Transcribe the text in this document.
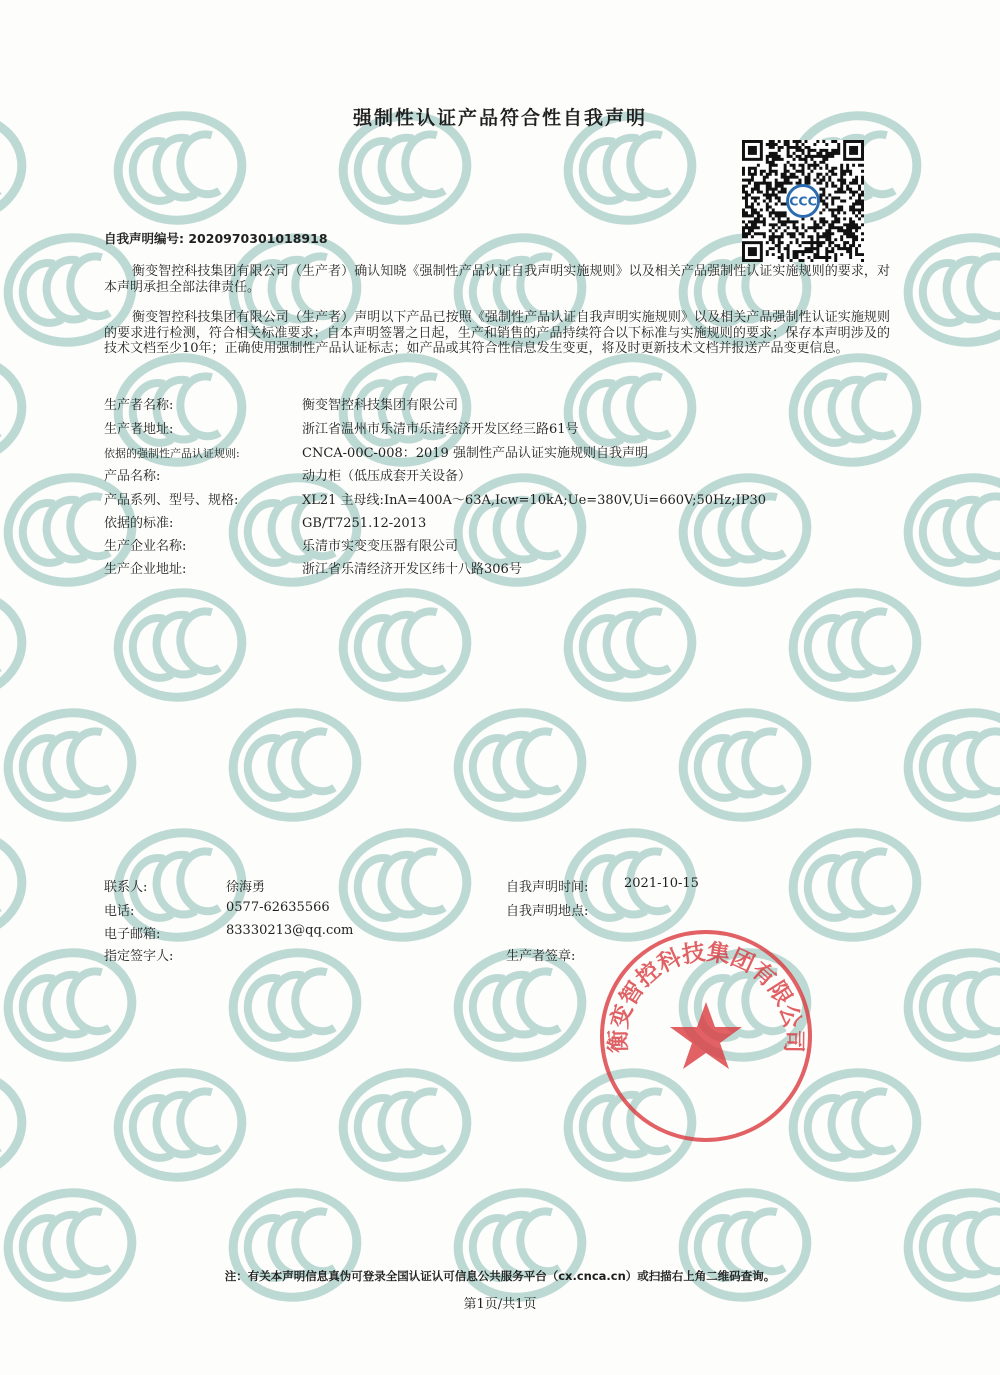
强制性认证产品符合性自我声明
自我声明编号: 2020970301018918
CCC
衡变智控科技集团有限公司（生产者）确认知晓《强制性产品认证自我声明实施规则》以及相关产品强制性认证实施规则的要求，对本声明承担全部法律责任。
衡变智控科技集团有限公司（生产者）声明以下产品已按照《强制性产品认证自我声明实施规则》以及相关产品强制性认证实施规则的要求进行检测，符合相关标准要求；自本声明签署之日起，生产和销售的产品持续符合以下标准与实施规则的要求；保存本声明涉及的技术文档至少10年；正确使用强制性产品认证标志；如产品或其符合性信息发生变更，将及时更新技术文档并报送产品变更信息。
生产者名称:	衡变智控科技集团有限公司
生产者地址:	浙江省温州市乐清市乐清经济开发区经三路61号
依据的强制性产品认证规则:	CNCA-00C-008：2019 强制性产品认证实施规则自我声明
产品名称:	动力柜（低压成套开关设备）
产品系列、型号、规格:	XL21 主母线:InA=400A～63A,Icw=10kA;Ue=380V,Ui=660V;50Hz;IP30
依据的标准:	GB/T7251.12-2013
生产企业名称:	乐清市实变变压器有限公司
生产企业地址:	浙江省乐清经济开发区纬十八路306号
联系人:	徐海勇
电话:	0577-62635566
电子邮箱:	83330213@qq.com
指定签字人:
自我声明时间:	2021-10-15
自我声明地点:
生产者签章:
衡变智控科技集团有限公司
注：有关本声明信息真伪可登录全国认证认可信息公共服务平台（cx.cnca.cn）或扫描右上角二维码查询。
第1页/共1页
